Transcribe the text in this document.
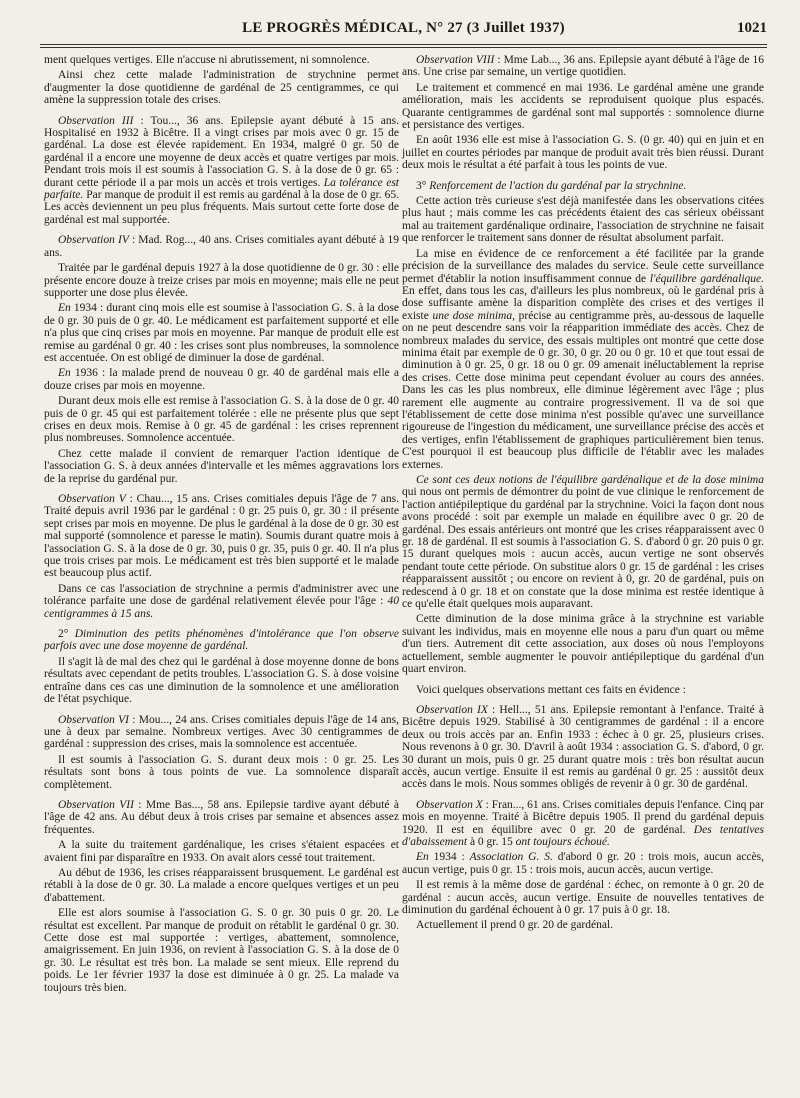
LE PROGRÈS MÉDICAL, N° 27 (3 Juillet 1937)	1021

ment quelques vertiges. Elle n'accuse ni abrutissement, ni somnolence.

Ainsi chez cette malade l'administration de strychnine permet d'augmenter la dose quotidienne de gardénal de 25 centigrammes, ce qui amène la suppression totale des crises.

Observation III : Tou..., 36 ans. Epilepsie ayant débuté à 15 ans. Hospitalisé en 1932 à Bicêtre. Il a vingt crises par mois avec 0 gr. 15 de gardénal. La dose est élevée rapidement. En 1934, malgré 0 gr. 50 de gardénal il a encore une moyenne de deux accès et quatre vertiges par mois. Pendant trois mois il est soumis à l'association G. S. à la dose de 0 gr. 65 : durant cette période il a par mois un accès et trois vertiges. La tolérance est parfaite. Par manque de produit il est remis au gardénal à la dose de 0 gr. 65. Les accès deviennent un peu plus fréquents. Mais surtout cette forte dose de gardénal est mal supportée.

Observation IV : Mad. Rog..., 40 ans. Crises comitiales ayant débuté à 19 ans.

Traitée par le gardénal depuis 1927 à la dose quotidienne de 0 gr. 30 : elle présente encore douze à treize crises par mois en moyenne; mais elle ne peut supporter une dose plus élevée.

En 1934 : durant cinq mois elle est soumise à l'association G. S. à la dose de 0 gr. 30 puis de 0 gr. 40. Le médicament est parfaitement supporté et elle n'a plus que cinq crises par mois en moyenne. Par manque de produit elle est remise au gardénal 0 gr. 40 : les crises sont plus nombreuses, la somnolence est accentuée. On est obligé de diminuer la dose de gardénal.

En 1936 : la malade prend de nouveau 0 gr. 40 de gardénal mais elle a douze crises par mois en moyenne.

Durant deux mois elle est remise à l'association G. S. à la dose de 0 gr. 40 puis de 0 gr. 45 qui est parfaitement tolérée : elle ne présente plus que sept crises en deux mois. Remise à 0 gr. 45 de gardénal : les crises reprennent plus nombreuses. Somnolence accentuée.

Chez cette malade il convient de remarquer l'action identique de l'association G. S. à deux années d'intervalle et les mêmes aggravations lors de la reprise du gardénal pur.

Observation V : Chau..., 15 ans. Crises comitiales depuis l'âge de 7 ans. Traité depuis avril 1936 par le gardénal : 0 gr. 25 puis 0, gr. 30 : il présente sept crises par mois en moyenne. De plus le gardénal à la dose de 0 gr. 30 est mal supporté (somnolence et paresse le matin). Soumis durant quatre mois à l'association G. S. à la dose de 0 gr. 30, puis 0 gr. 35, puis 0 gr. 40. Il n'a plus que trois crises par mois. Le médicament est très bien supporté et le malade est beaucoup plus actif.

Dans ce cas l'association de strychnine a permis d'administrer avec une tolérance parfaite une dose de gardénal relativement élevée pour l'âge : 40 centigrammes à 15 ans.

2° Diminution des petits phénomènes d'intolérance que l'on observe parfois avec une dose moyenne de gardénal.

Il s'agit là de mal des chez qui le gardénal à dose moyenne donne de bons résultats avec cependant de petits troubles. L'association G. S. à dose voisine entraîne dans ces cas une diminution de la somnolence et une amélioration de l'état psychique.

Observation VI : Mou..., 24 ans. Crises comitiales depuis l'âge de 14 ans, une à deux par semaine. Nombreux vertiges. Avec 30 centigrammes de gardénal : suppression des crises, mais la somnolence est accentuée.

Il est soumis à l'association G. S. durant deux mois : 0 gr. 25. Les résultats sont bons à tous points de vue. La somnolence disparaît complètement.

Observation VII : Mme Bas..., 58 ans. Epilepsie tardive ayant débuté à l'âge de 42 ans. Au début deux à trois crises par semaine et absences assez fréquentes.

A la suite du traitement gardénalique, les crises s'étaient espacées et avaient fini par disparaître en 1933. On avait alors cessé tout traitement.

Au début de 1936, les crises réapparaissent brusquement. Le gardénal est rétabli à la dose de 0 gr. 30. La malade a encore quelques vertiges et un peu d'abattement.

Elle est alors soumise à l'association G. S. 0 gr. 30 puis 0 gr. 20. Le résultat est excellent. Par manque de produit on rétablit le gardénal 0 gr. 30. Cette dose est mal supportée : vertiges, abattement, somnolence, amaigrissement. En juin 1936, on revient à l'association G. S. à la dose de 0 gr. 30. Le résultat est très bon. La malade se sent mieux. Elle reprend du poids. Le 1er février 1937 la dose est diminuée à 0 gr. 25. La malade va toujours très bien.

Observation VIII : Mme Lab..., 36 ans. Epilepsie ayant débuté à l'âge de 16 ans. Une crise par semaine, un vertige quotidien.

Le traitement et commencé en mai 1936. Le gardénal amène une grande amélioration, mais les accidents se reproduisent quoique plus espacés. Quarante centigrammes de gardénal sont mal supportés : somnolence diurne et persistance des vertiges.

En août 1936 elle est mise à l'association G. S. (0 gr. 40) qui en juin et en juillet en courtes périodes par manque de produit avait très bien réussi. Durant deux mois le résultat a été parfait à tous les points de vue.

3° Renforcement de l'action du gardénal par la strychnine.

Cette action très curieuse s'est déjà manifestée dans les observations citées plus haut ; mais comme les cas précédents étaient des cas sérieux obéissant mal au traitement gardénalique ordinaire, l'association de strychnine ne faisait que renforcer le traitement sans donner de résultat absolument parfait.

La mise en évidence de ce renforcement a été facilitée par la grande précision de la surveillance des malades du service. Seule cette surveillance permet d'établir la notion insuffisamment connue de l'équilibre gardénalique. En effet, dans tous les cas, d'ailleurs les plus nombreux, où le gardénal pris à dose suffisante amène la disparition complète des crises et des vertiges il existe une dose minima, précise au centigramme près, au-dessous de laquelle on ne peut descendre sans voir la réapparition immédiate des accès. Chez de nombreux malades du service, des essais multiples ont montré que cette dose minima était par exemple de 0 gr. 30, 0 gr. 20 ou 0 gr. 10 et que tout essai de diminution à 0 gr. 25, 0 gr. 18 ou 0 gr. 09 amenait inéluctablement la reprise des crises. Cette dose minima peut cependant évoluer au cours des années. Dans les cas les plus nombreux, elle diminue légèrement avec l'âge ; plus rarement elle augmente au contraire progressivement. Il va de soi que l'établissement de cette dose minima n'est possible qu'avec une surveillance rigoureuse de l'ingestion du médicament, une surveillance précise des accès et des vertiges, enfin l'établissement de graphiques particulièrement bien tenus. C'est pourquoi il est beaucoup plus difficile de l'établir avec les malades externes.

Ce sont ces deux notions de l'équilibre gardénalique et de la dose minima qui nous ont permis de démontrer du point de vue clinique le renforcement de l'action antiépileptique du gardénal par la strychnine. Voici la façon dont nous avons procédé : soit par exemple un malade en équilibre avec 0 gr. 20 de gardénal. Des essais antérieurs ont montré que les crises réapparaissent avec 0 gr. 18 de gardénal. Il est soumis à l'association G. S. d'abord 0 gr. 20 puis 0 gr. 15 durant quelques mois : aucun accès, aucun vertige ne sont observés pendant toute cette période. On substitue alors 0 gr. 15 de gardénal : les crises réapparaissent aussitôt ; ou encore on revient à 0, gr. 20 de gardénal, puis on redescend à 0 gr. 18 et on constate que la dose minima est restée identique à ce qu'elle était quelques mois auparavant.

Cette diminution de la dose minima grâce à la strychnine est variable suivant les individus, mais en moyenne elle nous a paru d'un quart ou même d'un tiers. Autrement dit cette association, aux doses où nous l'employons actuellement, semble augmenter le pouvoir antiépileptique du gardénal d'un quart environ.

Voici quelques observations mettant ces faits en évidence :

Observation IX : Hell..., 51 ans. Epilepsie remontant à l'enfance. Traité à Bicêtre depuis 1929. Stabilisé à 30 centigrammes de gardénal : il a encore deux ou trois accès par an. Enfin 1933 : échec à 0 gr. 25, plusieurs crises. Nous revenons à 0 gr. 30. D'avril à août 1934 : association G. S. d'abord, 0 gr. 30 durant un mois, puis 0 gr. 25 durant quatre mois : très bon résultat aucun accès, aucun vertige. Ensuite il est remis au gardénal 0 gr. 25 : aussitôt deux accès dans le mois. Nous sommes obligés de revenir à 0 gr. 30 de gardénal.

Observation X : Fran..., 61 ans. Crises comitiales depuis l'enfance. Cinq par mois en moyenne. Traité à Bicêtre depuis 1905. Il prend du gardénal depuis 1920. Il est en équilibre avec 0 gr. 20 de gardénal. Des tentatives d'abaissement à 0 gr. 15 ont toujours échoué.

En 1934 : Association G. S. d'abord 0 gr. 20 : trois mois, aucun accès, aucun vertige, puis 0 gr. 15 : trois mois, aucun accès, aucun vertige.

Il est remis à la même dose de gardénal : échec, on remonte à 0 gr. 20 de gardénal : aucun accès, aucun vertige. Ensuite de nouvelles tentatives de diminution du gardénal échouent à 0 gr. 17 puis à 0 gr. 18.

Actuellement il prend 0 gr. 20 de gardénal.
